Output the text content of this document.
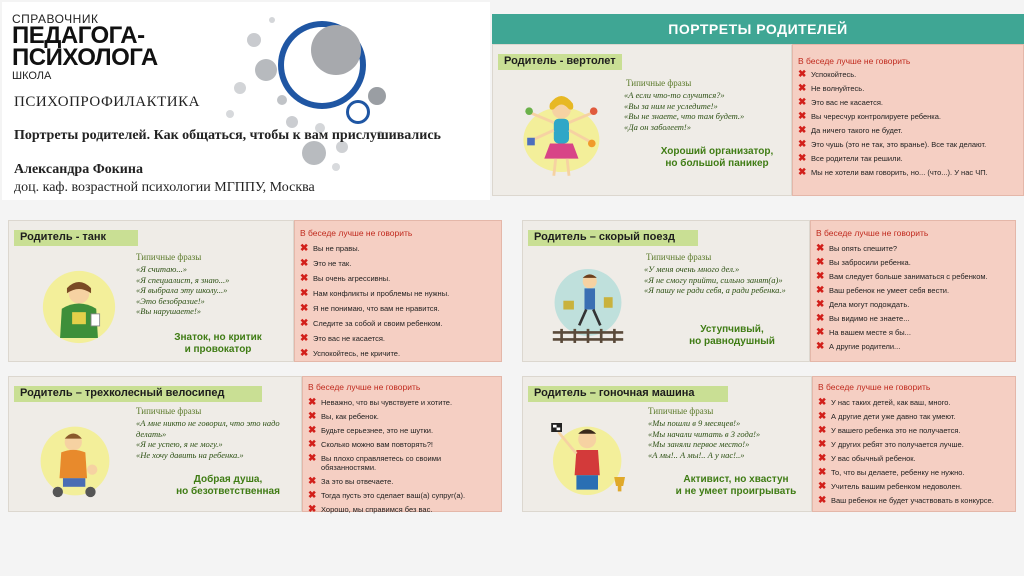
СПРАВОЧНИК
ПЕДАГОГА-
ПСИХОЛОГА
ШКОЛА
ПСИХОПРОФИЛАКТИКА
Портреты родителей. Как общаться, чтобы к вам прислушивались
Александра Фокина
доц. каф. возрастной психологии МГППУ, Москва
ПОРТРЕТЫ РОДИТЕЛЕЙ
Родитель - вертолет
Типичные фразы
«А если что-то случится?»
«Вы за ним не уследите!»
«Вы не знаете, что там будет.»
«Да он заболеет!»
Хороший организатор,
но большой паникер
В беседе лучше не говорить
✖ Успокойтесь.
✖ Не волнуйтесь.
✖ Это вас не касается.
✖ Вы чересчур контролируете ребенка.
✖ Да ничего такого не будет.
✖ Это чушь (это не так, это вранье). Все так делают.
✖ Все родители так решили.
✖ Мы не хотели вам говорить, но... (что...). У нас ЧП.
Родитель - танк
Типичные фразы
«Я считаю...»
«Я специалист, я знаю...»
«Я выбрала эту школу...»
«Это безобразие!»
«Вы нарушаете!»
Знаток, но критик
и провокатор
В беседе лучше не говорить
✖ Вы не правы.
✖ Это не так.
✖ Вы очень агрессивны.
✖ Нам конфликты и проблемы не нужны.
✖ Я не понимаю, что вам не нравится.
✖ Следите за собой и своим ребенком.
✖ Это вас не касается.
✖ Успокойтесь, не кричите.
Родитель – скорый поезд
Типичные фразы
«У меня очень много дел.»
«Я не смогу прийти, сильно занят(а)»
«Я пашу не ради себя, а ради ребенка.»
Уступчивый,
но равнодушный
В беседе лучше не говорить
✖ Вы опять спешите?
✖ Вы забросили ребенка.
✖ Вам следует больше заниматься с ребенком.
✖ Ваш ребенок не умеет себя вести.
✖ Дела могут подождать.
✖ Вы видимо не знаете...
✖ На вашем месте я бы...
✖ А другие родители...
Родитель – трехколесный велосипед
Типичные фразы
«А мне никто не говорил, что это надо делать»
«Я не успею, я не могу.»
«Не хочу давить на ребенка.»
Добрая душа,
но безответственная
В беседе лучше не говорить
✖ Неважно, что вы чувствуете и хотите.
✖ Вы, как ребенок.
✖ Будьте серьезнее, это не шутки.
✖ Сколько можно вам повторять?!
✖ Вы плохо справляетесь со своими обязанностями.
✖ За это вы отвечаете.
✖ Тогда пусть это сделает ваш(а) супруг(а).
✖ Хорошо, мы справимся без вас.
Родитель – гоночная машина
Типичные фразы
«Мы пошли в 9 месяцев!»
«Мы начали читать в 3 года!»
«Мы заняли первое место!»
«А мы!.. А мы!.. А у нас!..»
Активист, но хвастун
и не умеет проигрывать
В беседе лучше не говорить
✖ У нас таких детей, как ваш, много.
✖ А другие дети уже давно так умеют.
✖ У вашего ребенка это не получается.
✖ У других ребят это получается лучше.
✖ У вас обычный ребенок.
✖ То, что вы делаете, ребенку не нужно.
✖ Учитель вашим ребенком недоволен.
✖ Ваш ребенок не будет участвовать в конкурсе.
